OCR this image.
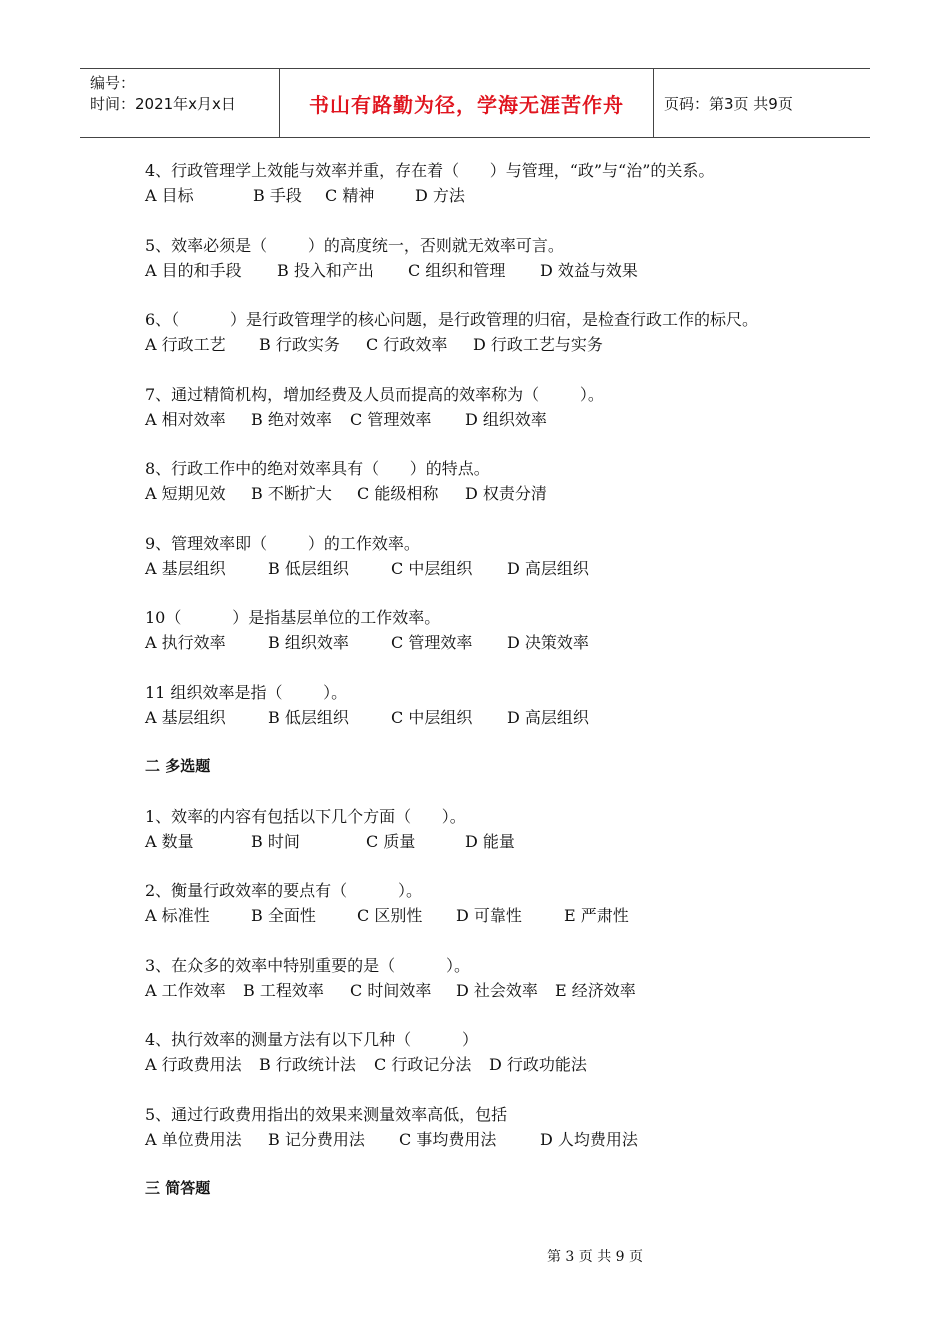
编号：
时间：2021年x月x日	书山有路勤为径，学海无涯苦作舟	页码：第3页 共9页
4、行政管理学上效能与效率并重，存在着（      ）与管理，“政”与“治”的关系。
A 目标	B 手段 C 精神	D 方法
5、效率必须是（        ）的高度统一，否则就无效率可言。
A 目的和手段 B 投入和产出 C 组织和管理 D 效益与效果
6、（          ）是行政管理学的核心问题，是行政管理的归宿，是检查行政工作的标尺。
A 行政工艺 B 行政实务 C 行政效率 D 行政工艺与实务
7、通过精简机构，增加经费及人员而提高的效率称为（        ）。
A 相对效率 B 绝对效率 C 管理效率 D 组织效率
8、行政工作中的绝对效率具有（      ）的特点。
A 短期见效 B 不断扩大 C 能级相称 D 权责分清
9、管理效率即（        ）的工作效率。
A 基层组织	B 低层组织	C 中层组织 D 高层组织
10（          ）是指基层单位的工作效率。
A 执行效率	B 组织效率	C 管理效率 D 决策效率
11 组织效率是指（        ）。
A 基层组织	B 低层组织	C 中层组织 D 高层组织
二 多选题
1、效率的内容有包括以下几个方面（      ）。
A 数量	B 时间	C 质量	D 能量
2、衡量行政效率的要点有（          ）。
A 标准性	B 全面性	C 区别性 D 可靠性	E 严肃性
3、在众多的效率中特别重要的是（          ）。
A 工作效率 B 工程效率 C 时间效率 D 社会效率 E 经济效率
4、执行效率的测量方法有以下几种（          ）
A 行政费用法 B 行政统计法 C 行政记分法 D 行政功能法
5、通过行政费用指出的效果来测量效率高低，包括
A 单位费用法 B 记分费用法 C 事均费用法	D 人均费用法
三 简答题
第 3 页 共 9 页
